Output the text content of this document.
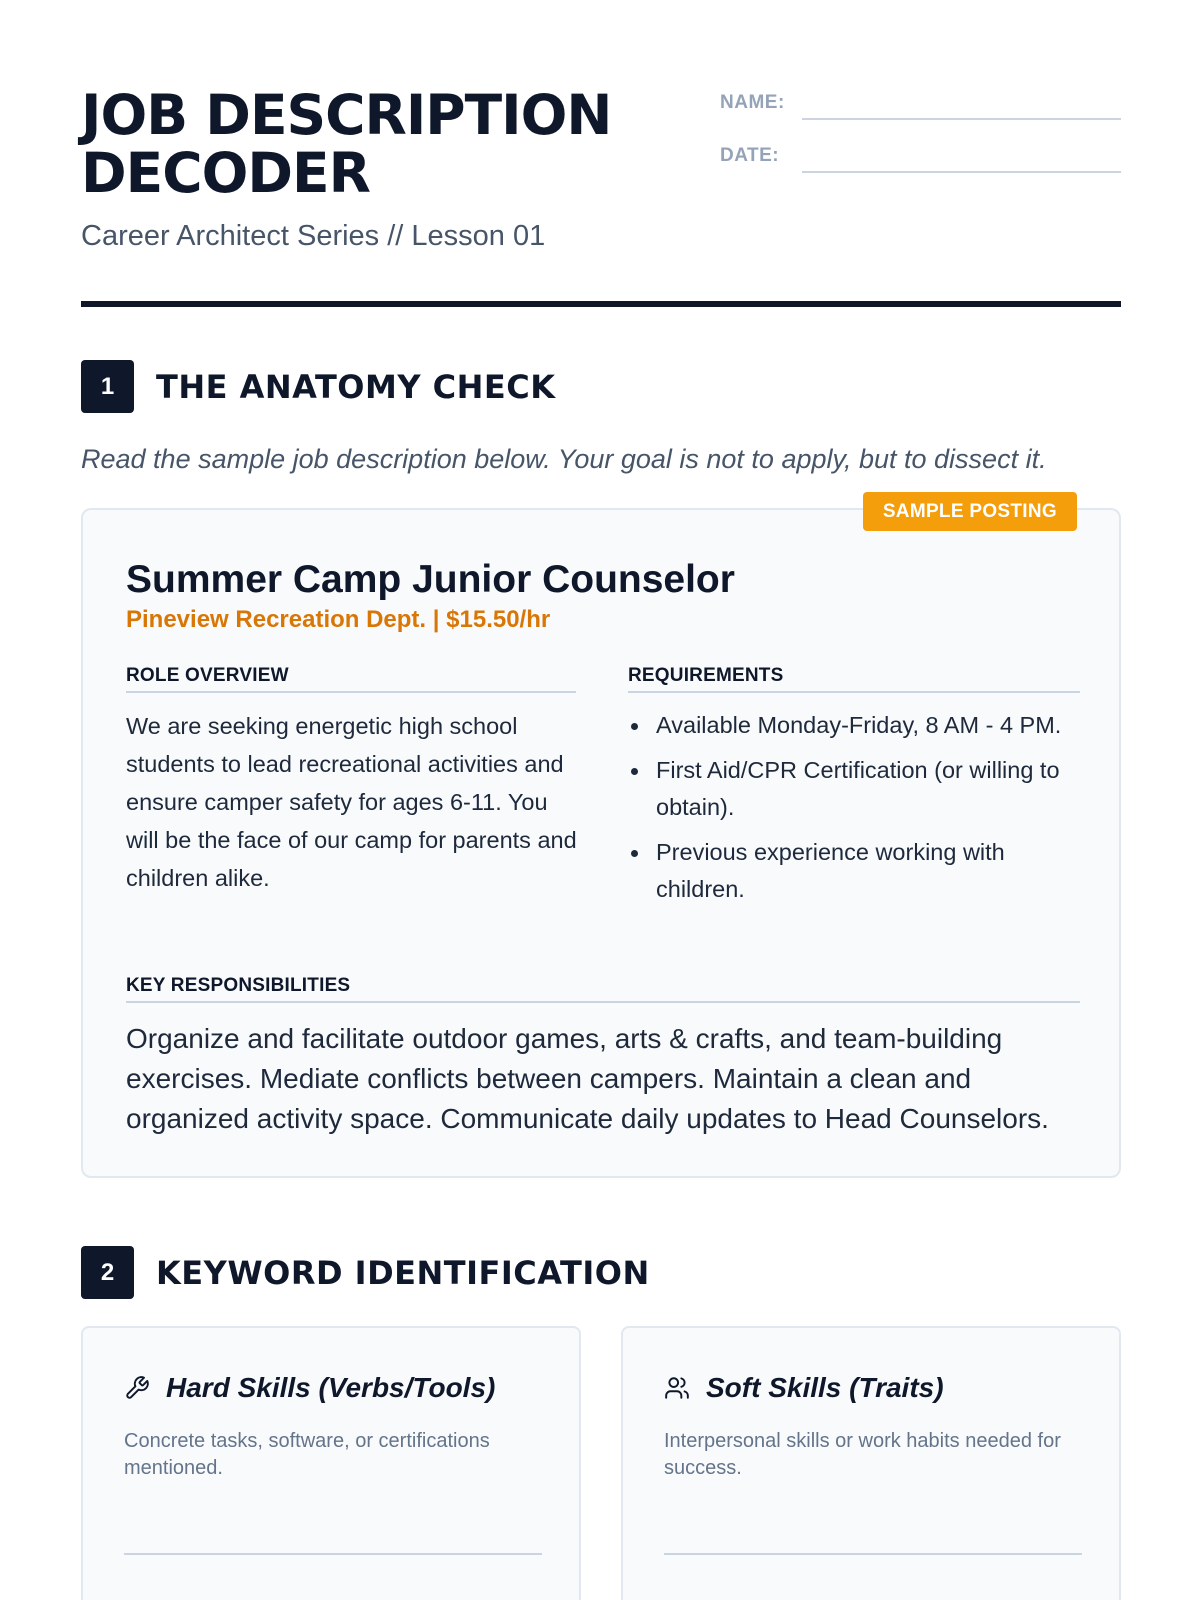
JOB DESCRIPTION
DECODER
Career Architect Series // Lesson 01
NAME:
DATE:
1	THE ANATOMY CHECK
Read the sample job description below. Your goal is not to apply, but to dissect it.
SAMPLE POSTING
Summer Camp Junior Counselor
Pineview Recreation Dept. | $15.50/hr
ROLE OVERVIEW
We are seeking energetic high school students to lead recreational activities and ensure camper safety for ages 6-11. You will be the face of our camp for parents and children alike.
REQUIREMENTS
Available Monday-Friday, 8 AM - 4 PM.
First Aid/CPR Certification (or willing to obtain).
Previous experience working with children.
KEY RESPONSIBILITIES
Organize and facilitate outdoor games, arts & crafts, and team-building exercises. Mediate conflicts between campers. Maintain a clean and organized activity space. Communicate daily updates to Head Counselors.
2	KEYWORD IDENTIFICATION
Hard Skills (Verbs/Tools)
Concrete tasks, software, or certifications mentioned.
Soft Skills (Traits)
Interpersonal skills or work habits needed for success.
